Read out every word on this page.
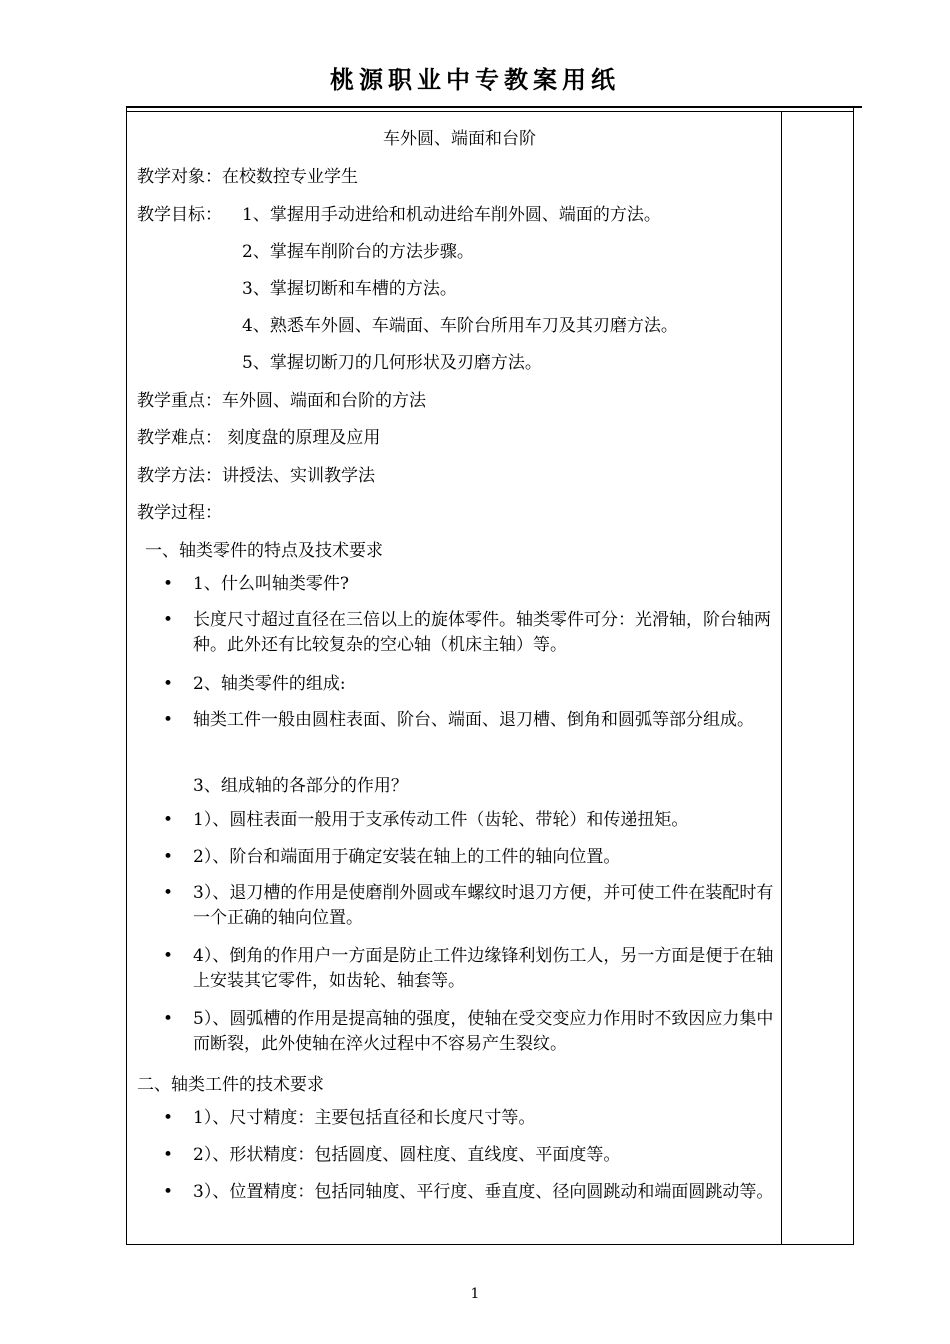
桃源职业中专教案用纸
车外圆、端面和台阶
教学对象：在校数控专业学生
教学目标： 1、掌握用手动进给和机动进给车削外圆、端面的方法。
2、掌握车削阶台的方法步骤。
3、掌握切断和车槽的方法。
4、熟悉车外圆、车端面、车阶台所用车刀及其刃磨方法。
5、掌握切断刀的几何形状及刃磨方法。
教学重点：车外圆、端面和台阶的方法
教学难点： 刻度盘的原理及应用
教学方法：讲授法、实训教学法
教学过程：
一、轴类零件的特点及技术要求
• 1、什么叫轴类零件?
• 长度尺寸超过直径在三倍以上的旋体零件。轴类零件可分：光滑轴，阶台轴两种。此外还有比较复杂的空心轴（机床主轴）等。
• 2、轴类零件的组成:
• 轴类工件一般由圆柱表面、阶台、端面、退刀槽、倒角和圆弧等部分组成。
3、组成轴的各部分的作用？
• 1）、圆柱表面一般用于支承传动工件（齿轮、带轮）和传递扭矩。
• 2）、阶台和端面用于确定安装在轴上的工件的轴向位置。
• 3）、退刀槽的作用是使磨削外圆或车螺纹时退刀方便，并可使工件在装配时有一个正确的轴向位置。
• 4）、倒角的作用户一方面是防止工件边缘锋利划伤工人，另一方面是便于在轴上安装其它零件，如齿轮、轴套等。
• 5）、圆弧槽的作用是提高轴的强度，使轴在受交变应力作用时不致因应力集中而断裂，此外使轴在淬火过程中不容易产生裂纹。
二、轴类工件的技术要求
• 1）、尺寸精度：主要包括直径和长度尺寸等。
• 2）、形状精度：包括圆度、圆柱度、直线度、平面度等。
• 3）、位置精度：包括同轴度、平行度、垂直度、径向圆跳动和端面圆跳动等。
1
